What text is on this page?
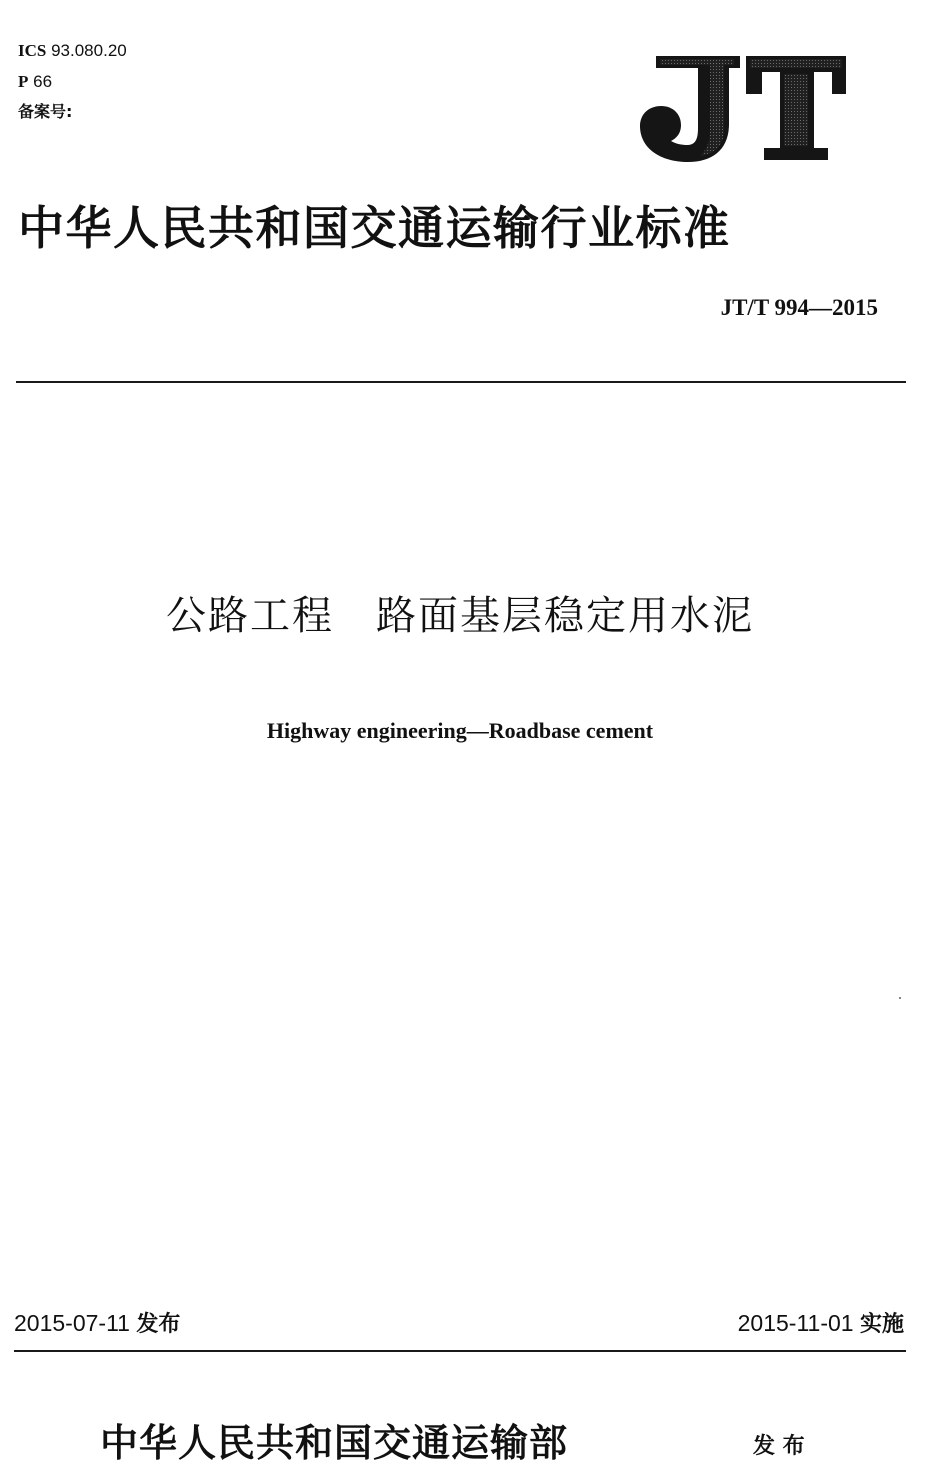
ICS 93.080.20
P 66
备案号:
中华人民共和国交通运输行业标准
JT/T 994—2015
公路工程　路面基层稳定用水泥
Highway engineering—Roadbase cement
2015-07-11 发布	2015-11-01 实施
中华人民共和国交通运输部	发 布
